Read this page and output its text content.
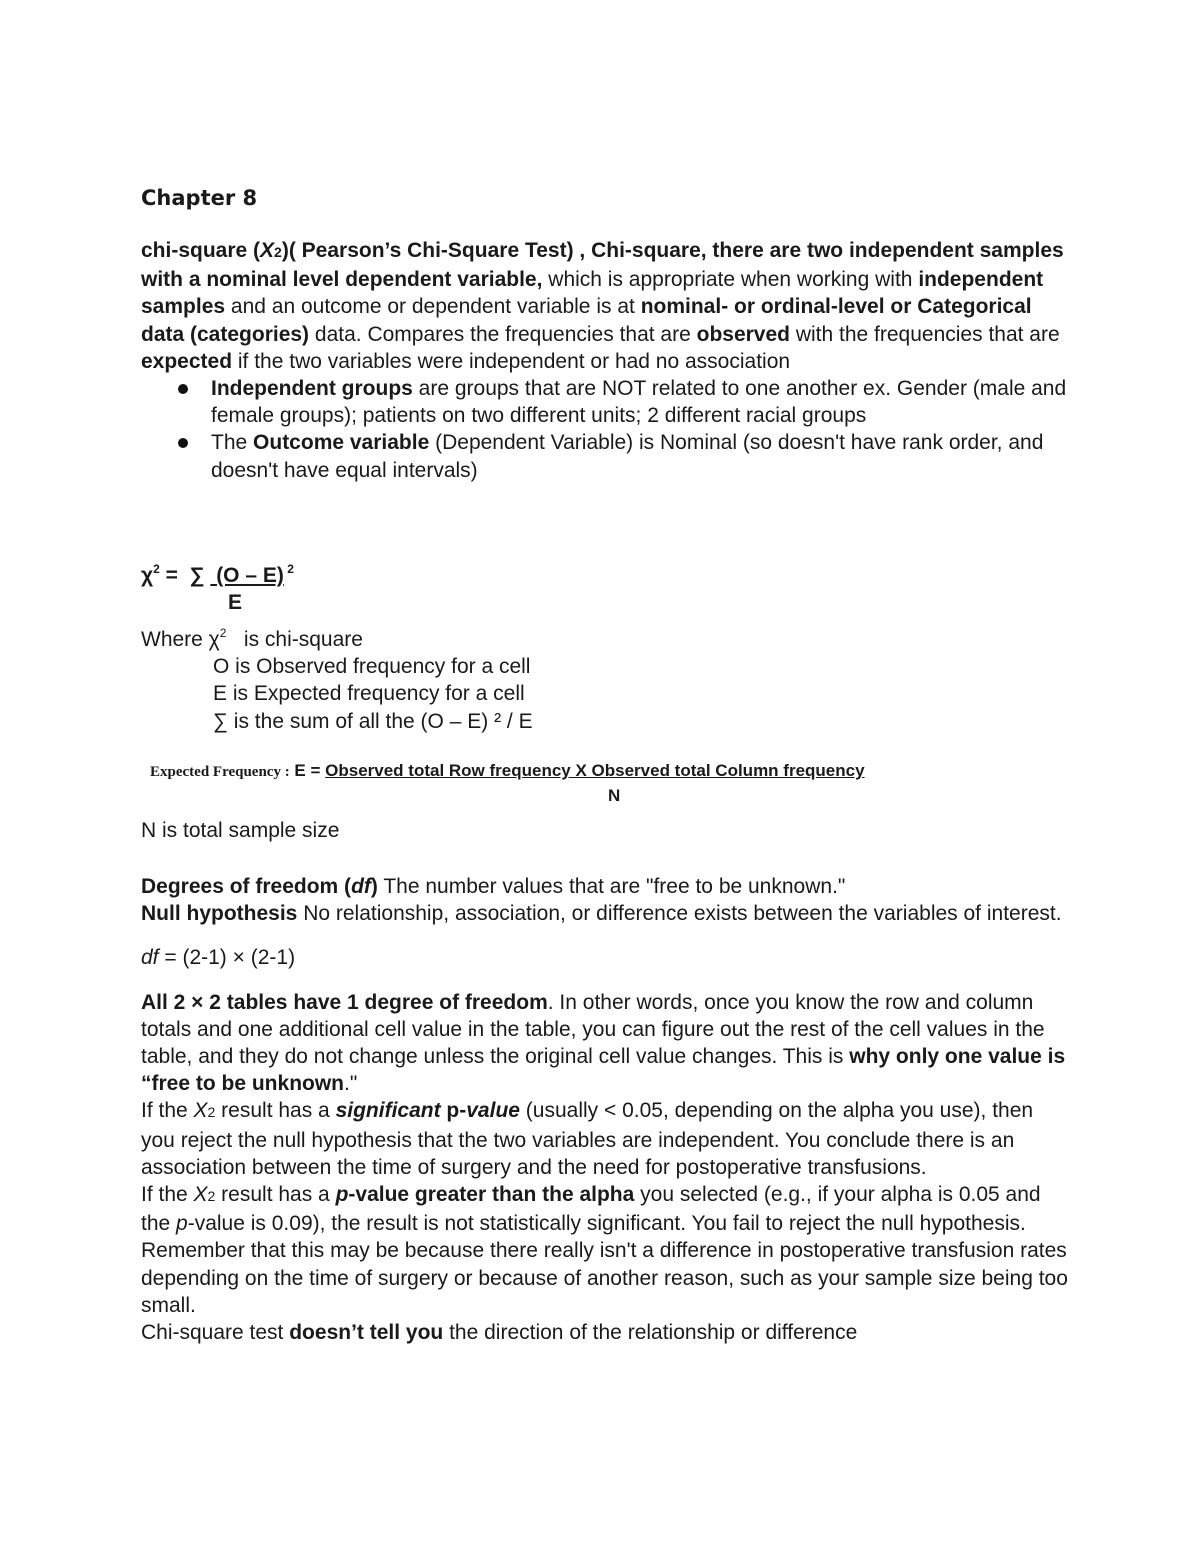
Chapter 8

chi-square (X2)( Pearson’s Chi-Square Test) , Chi-square, there are two independent samples with a nominal level dependent variable, which is appropriate when working with independent samples and an outcome or dependent variable is at nominal- or ordinal-level or Categorical data (categories) data. Compares the frequencies that are observed with the frequencies that are expected if the two variables were independent or had no association

Independent groups are groups that are NOT related to one another ex. Gender (male and female groups); patients on two different units; 2 different racial groups
The Outcome variable (Dependent Variable) is Nominal (so doesn't have rank order, and doesn't have equal intervals)
$\chi^2$ =  ∑  (O – E) $^2$
E
Where $\chi^2$   is chi-square
O is Observed frequency for a cell
E is Expected frequency for a cell
∑ is the sum of all the (O – E) ² / E
Expected Frequency : E = Observed total Row frequency X Observed total Column frequency
N
N is total sample size
Degrees of freedom (df) The number values that are "free to be unknown."
Null hypothesis No relationship, association, or difference exists between the variables of interest.
df = (2-1) × (2-1)
All 2 × 2 tables have 1 degree of freedom. In other words, once you know the row and column totals and one additional cell value in the table, you can figure out the rest of the cell values in the table, and they do not change unless the original cell value changes. This is why only one value is “free to be unknown."
If the X2 result has a significant p-value (usually < 0.05, depending on the alpha you use), then you reject the null hypothesis that the two variables are independent. You conclude there is an association between the time of surgery and the need for postoperative transfusions.
If the X2 result has a p-value greater than the alpha you selected (e.g., if your alpha is 0.05 and the p-value is 0.09), the result is not statistically significant. You fail to reject the null hypothesis. Remember that this may be because there really isn't a difference in postoperative transfusion rates depending on the time of surgery or because of another reason, such as your sample size being too small.
Chi-square test doesn’t tell you the direction of the relationship or difference
